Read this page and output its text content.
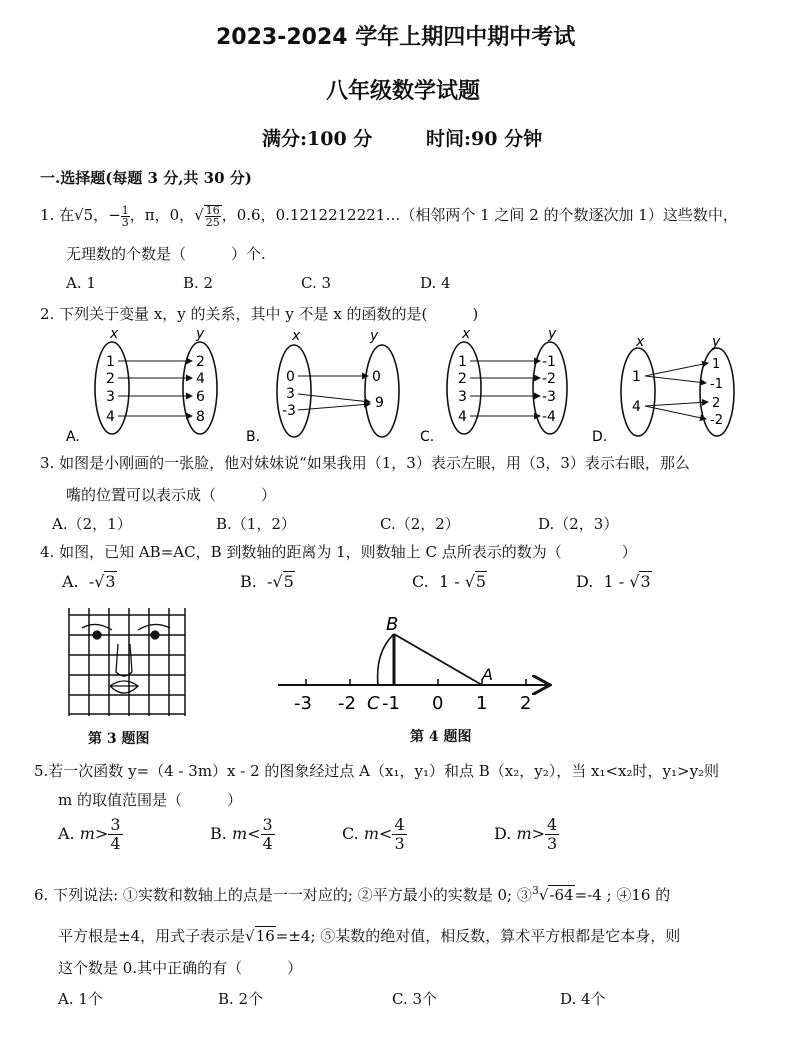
2023-2024 学年上期四中期中考试
八年级数学试题
满分:100 分	时间:90 分钟
一.选择题(每题 3 分,共 30 分)
1. 在√5，− $\frac{1}{3}$ ，π，0，√ $\frac{16}{25}$ ，0.6，0.1212212221…（相邻两个 1 之间 2 的个数逐次加 1）这些数中，
无理数的个数是（　　　）个.
A. 1	B. 2	C. 3	D. 4
2. 下列关于变量 x，y 的关系，其中 y 不是 x 的函数的是(　　　)
x	y
1
2
3
4
2
4
6
8
A.
x	y
0
3
-3
0
9
B.
x	y
1
2
3
4
-1
-2
-3
-4
C.
x	y
1
4
1
-1
2
-2
D.
3. 如图是小刚画的一张脸，他对妹妹说“如果我用（1，3）表示左眼，用（3，3）表示右眼，那么
嘴的位置可以表示成（　　　）
A.（2，1）	B.（1，2）	C.（2，2）	D.（2，3）
4. 如图，已知 AB=AC，B 到数轴的距离为 1，则数轴上 C 点所表示的数为（　　　　）
A. -√3	B. -√5	C. 1 - √5	D. 1 - √3
第 3 题图
B
A
-3 -2 C -1 0 1 2
第 4 题图
5.若一次函数 y=（4 - 3m）x - 2 的图象经过点 A（x₁，y₁）和点 B（x₂，y₂），当 x₁<x₂时，y₁>y₂则
m 的取值范围是（　　　）
A. $m> \frac{3}{4}$	B. $m< \frac{3}{4}$	C. $m< \frac{4}{3}$	D. $m> \frac{4}{3}$
6. 下列说法: ①实数和数轴上的点是一一对应的; ②平方最小的实数是 0; ③$^3$√-64=-4 ; ④16 的
平方根是±4，用式子表示是√16=±4; ⑤某数的绝对值，相反数，算术平方根都是它本身，则
这个数是 0.其中正确的有（　　　）
A. 1个	B. 2个	C. 3个	D. 4个
